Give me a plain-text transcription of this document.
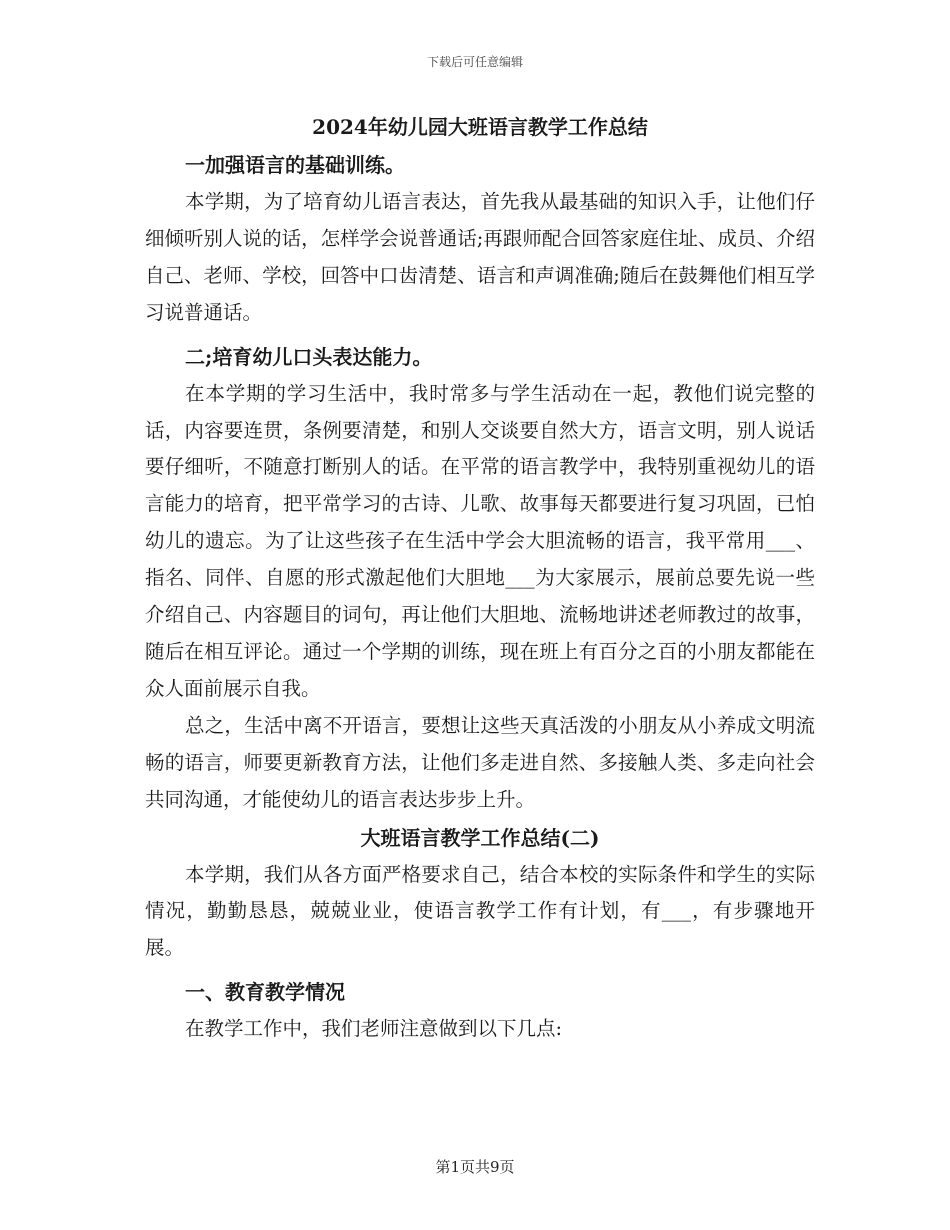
下载后可任意编辑
2024年幼儿园大班语言教学工作总结
一加强语言的基础训练。

本学期，为了培育幼儿语言表达，首先我从最基础的知识入手，让他们仔细倾听别人说的话，怎样学会说普通话;再跟师配合回答家庭住址、成员、介绍自己、老师、学校，回答中口齿清楚、语言和声调准确;随后在鼓舞他们相互学习说普通话。

二;培育幼儿口头表达能力。

在本学期的学习生活中，我时常多与学生活动在一起，教他们说完整的话，内容要连贯，条例要清楚，和别人交谈要自然大方，语言文明，别人说话要仔细听，不随意打断别人的话。在平常的语言教学中，我特别重视幼儿的语言能力的培育，把平常学习的古诗、儿歌、故事每天都要进行复习巩固，已怕幼儿的遗忘。为了让这些孩子在生活中学会大胆流畅的语言，我平常用___、指名、同伴、自愿的形式激起他们大胆地___为大家展示，展前总要先说一些介绍自己、内容题目的词句，再让他们大胆地、流畅地讲述老师教过的故事，随后在相互评论。通过一个学期的训练，现在班上有百分之百的小朋友都能在众人面前展示自我。

总之，生活中离不开语言，要想让这些天真活泼的小朋友从小养成文明流畅的语言，师要更新教育方法，让他们多走进自然、多接触人类、多走向社会共同沟通，才能使幼儿的语言表达步步上升。

大班语言教学工作总结(二)

本学期，我们从各方面严格要求自己，结合本校的实际条件和学生的实际情况，勤勤恳恳，兢兢业业，使语言教学工作有计划，有___，有步骤地开展。

一、教育教学情况

在教学工作中，我们老师注意做到以下几点:

第1页共9页
